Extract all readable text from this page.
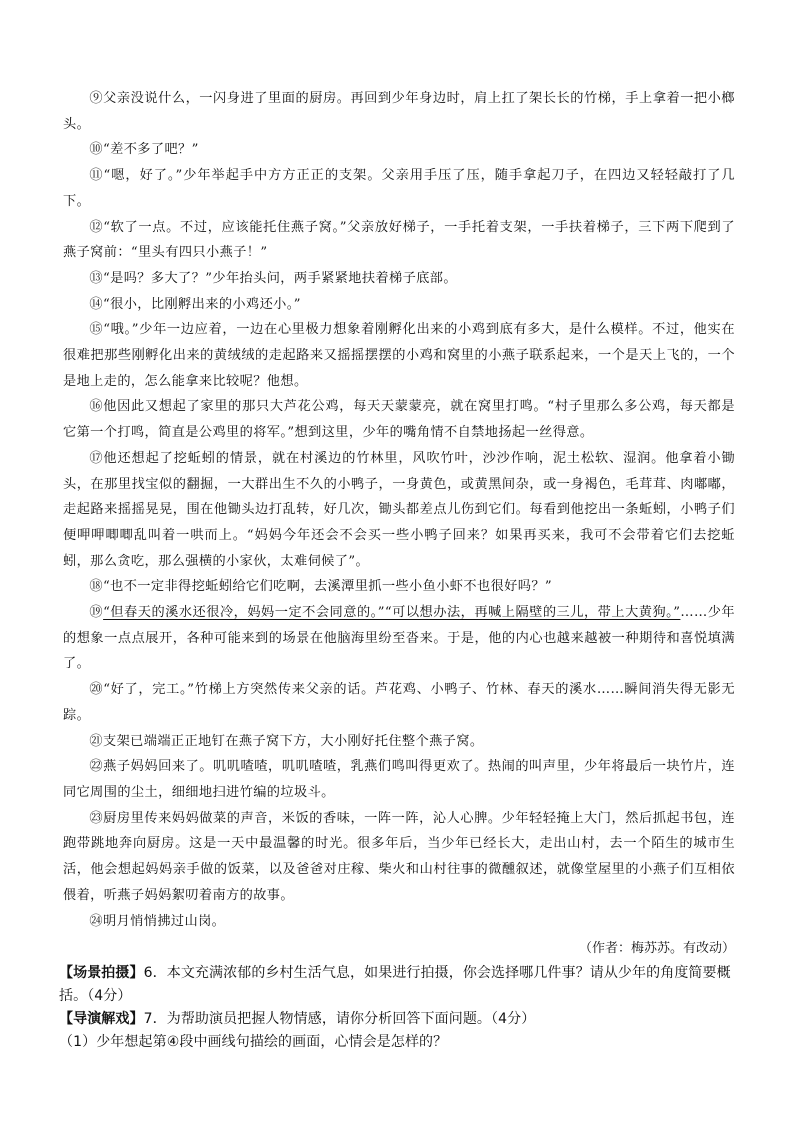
⑨父亲没说什么，一闪身进了里面的厨房。再回到少年身边时，肩上扛了架长长的竹梯，手上拿着一把小榔头。

⑩“差不多了吧？”

⑪“嗯，好了。”少年举起手中方方正正的支架。父亲用手压了压，随手拿起刀子，在四边又轻轻敲打了几下。

⑫“软了一点。不过，应该能托住燕子窝。”父亲放好梯子，一手托着支架，一手扶着梯子，三下两下爬到了燕子窝前：“里头有四只小燕子！”

⑬“是吗？多大了？”少年抬头问，两手紧紧地扶着梯子底部。

⑭“很小，比刚孵出来的小鸡还小。”

⑮“哦。”少年一边应着，一边在心里极力想象着刚孵化出来的小鸡到底有多大，是什么模样。不过，他实在很难把那些刚孵化出来的黄绒绒的走起路来又摇摇摆摆的小鸡和窝里的小燕子联系起来，一个是天上飞的，一个是地上走的，怎么能拿来比较呢？他想。

⑯他因此又想起了家里的那只大芦花公鸡，每天天蒙蒙亮，就在窝里打鸣。“村子里那么多公鸡，每天都是它第一个打鸣，简直是公鸡里的将军。”想到这里，少年的嘴角情不自禁地扬起一丝得意。

⑰他还想起了挖蚯蚓的情景，就在村溪边的竹林里，风吹竹叶，沙沙作响，泥土松软、湿润。他拿着小锄头，在那里找宝似的翻掘，一大群出生不久的小鸭子，一身黄色，或黄黑间杂，或一身褐色，毛茸茸、肉嘟嘟，走起路来摇摇晃晃，围在他锄头边打乱转，好几次，锄头都差点儿伤到它们。每看到他挖出一条蚯蚓，小鸭子们便呷呷唧唧乱叫着一哄而上。“妈妈今年还会不会买一些小鸭子回来？如果再买来，我可不会带着它们去挖蚯蚓，那么贪吃，那么强横的小家伙，太难伺候了”。

⑱“也不一定非得挖蚯蚓给它们吃啊，去溪潭里抓一些小鱼小虾不也很好吗？”

⑲“但春天的溪水还很冷，妈妈一定不会同意的。”“可以想办法，再喊上隔壁的三儿，带上大黄狗。”……少年的想象一点点展开，各种可能来到的场景在他脑海里纷至沓来。于是，他的内心也越来越被一种期待和喜悦填满了。

⑳“好了，完工。”竹梯上方突然传来父亲的话。芦花鸡、小鸭子、竹林、春天的溪水……瞬间消失得无影无踪。

㉑支架已端端正正地钉在燕子窝下方，大小刚好托住整个燕子窝。

㉒燕子妈妈回来了。叽叽喳喳，叽叽喳喳，乳燕们鸣叫得更欢了。热闹的叫声里，少年将最后一块竹片，连同它周围的尘土，细细地扫进竹编的垃圾斗。

㉓厨房里传来妈妈做菜的声音，米饭的香味，一阵一阵，沁人心脾。少年轻轻掩上大门，然后抓起书包，连跑带跳地奔向厨房。这是一天中最温馨的时光。很多年后，当少年已经长大，走出山村，去一个陌生的城市生活，他会想起妈妈亲手做的饭菜，以及爸爸对庄稼、柴火和山村往事的微醺叙述，就像堂屋里的小燕子们互相依偎着，听燕子妈妈絮叨着南方的故事。

㉔明月悄悄拂过山岗。

（作者：梅苏苏。有改动）

【场景拍摄】6．本文充满浓郁的乡村生活气息，如果进行拍摄，你会选择哪几件事？请从少年的角度简要概括。（4分）

【导演解戏】7．为帮助演员把握人物情感，请你分析回答下面问题。（4分）

（1）少年想起第④段中画线句描绘的画面，心情会是怎样的？
